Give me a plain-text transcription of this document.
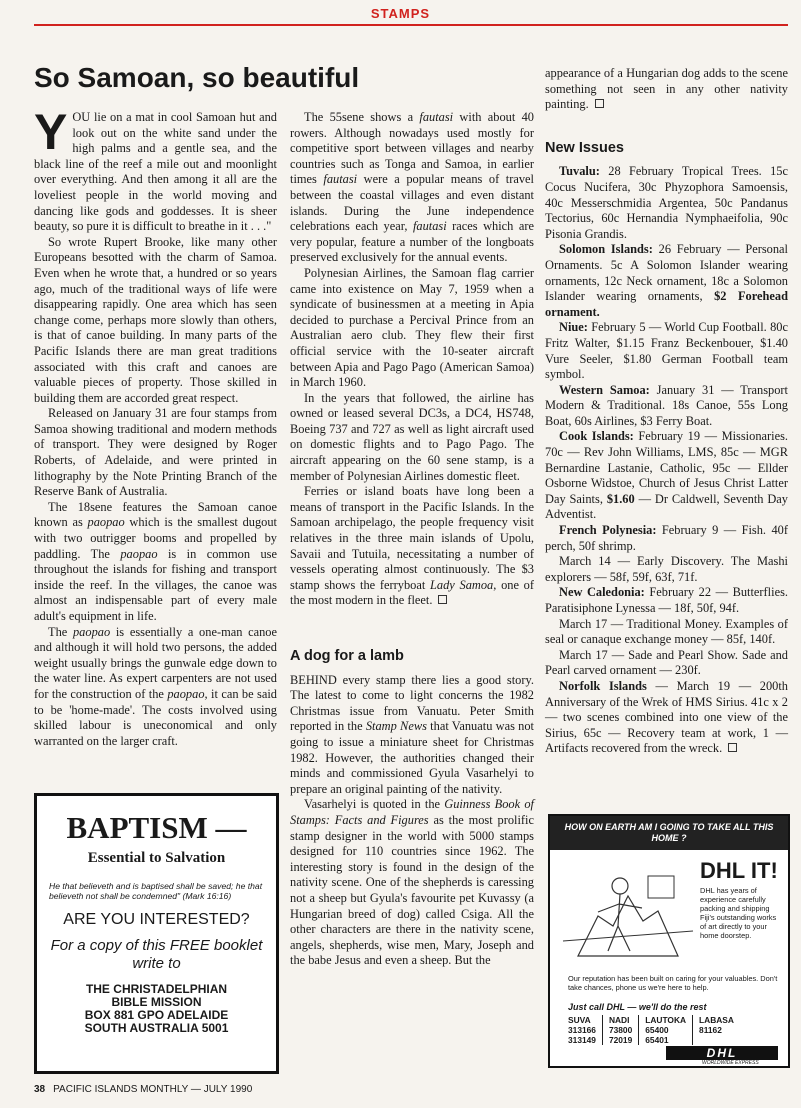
STAMPS
So Samoan, so beautiful

YOU lie on a mat in cool Samoan hut and look out on the white sand under the high palms and a gentle sea, and the black line of the reef a mile out and moonlight over everything. And then among it all are the loveliest people in the world moving and dancing like gods and goddesses. It is sheer beauty, so pure it is difficult to breathe in it . . ."

So wrote Rupert Brooke, like many other Europeans besotted with the charm of Samoa. Even when he wrote that, a hundred or so years ago, much of the traditional ways of life were disappearing rapidly. One area which has seen change come, perhaps more slowly than others, is that of canoe building. In many parts of the Pacific Islands there are man great traditions associated with this craft and canoes are valuable pieces of property. Those skilled in building them are accorded great respect.

Released on January 31 are four stamps from Samoa showing traditional and modern methods of transport. They were designed by Roger Roberts, of Adelaide, and were printed in lithography by the Note Printing Branch of the Reserve Bank of Australia.

The 18sene features the Samoan canoe known as paopao which is the smallest dugout with two outrigger booms and propelled by paddling. The paopao is in common use throughout the islands for fishing and transport inside the reef. In the villages, the canoe was almost an indispensable part of every male adult's equipment in life.

The paopao is essentially a one-man canoe and although it will hold two persons, the added weight usually brings the gunwale edge down to the water line. As expert carpenters are not used for the construction of the paopao, it can be said to be 'home-made'. The costs involved using skilled labour is uneconomical and only warranted on the larger craft.

The 55sene shows a fautasi with about 40 rowers. Although nowadays used mostly for competitive sport between villages and nearby countries such as Tonga and Samoa, in earlier times fautasi were a popular means of travel between the coastal villages and even distant islands. During the June independence celebrations each year, fautasi races which are very popular, feature a number of the longboats preserved exclusively for the annual events.

Polynesian Airlines, the Samoan flag carrier came into existence on May 7, 1959 when a syndicate of businessmen at a meeting in Apia decided to purchase a Percival Prince from an Australian aero club. They flew their first official service with the 10-seater aircraft between Apia and Pago Pago (American Samoa) in March 1960.

In the years that followed, the airline has owned or leased several DC3s, a DC4, HS748, Boeing 737 and 727 as well as light aircraft used on domestic flights and to Pago Pago. The aircraft appearing on the 60 sene stamp, is a member of Polynesian Airlines domestic fleet.

Ferries or island boats have long been a means of transport in the Pacific Islands. In the Samoan archipelago, the people frequency visit relatives in the three main islands of Upolu, Savaii and Tutuila, necessitating a number of vessels operating almost continuously. The $3 stamp shows the ferryboat Lady Samoa, one of the most modern in the fleet.

A dog for a lamb

BEHIND every stamp there lies a good story. The latest to come to light concerns the 1982 Christmas issue from Vanuatu. Peter Smith reported in the Stamp News that Vanuatu was not going to issue a miniature sheet for Christmas 1982. However, the authorities changed their minds and commissioned Gyula Vasarhelyi to prepare an original painting of the nativity.

Vasarhelyi is quoted in the Guinness Book of Stamps: Facts and Figures as the most prolific stamp designer in the world with 5000 stamps designed for 110 countries since 1962. The interesting story is found in the design of the nativity scene. One of the shepherds is caressing not a sheep but Gyula's favourite pet Kuvassy (a Hungarian breed of dog) called Csiga. All the other characters are there in the nativity scene, angels, shepherds, wise men, Mary, Joseph and the babe Jesus and even a sheep. But the

appearance of a Hungarian dog adds to the scene something not seen in any other nativity painting.

New Issues

Tuvalu: 28 February Tropical Trees. 15c Cocus Nucifera, 30c Phyzophora Samoensis, 40c Messerschmidia Argentea, 50c Pandanus Tectorius, 60c Hernandia Nymphaeifolia, 90c Pisonia Grandis.

Solomon Islands: 26 February — Personal Ornaments. 5c A Solomon Islander wearing ornaments, 12c Neck ornament, 18c a Solomon Islander wearing ornaments, $2 Forehead ornament.

Niue: February 5 — World Cup Football. 80c Fritz Walter, $1.15 Franz Beckenbouer, $1.40 Vure Seeler, $1.80 German Football team symbol.

Western Samoa: January 31 — Transport Modern & Traditional. 18s Canoe, 55s Long Boat, 60s Airlines, $3 Ferry Boat.

Cook Islands: February 19 — Missionaries. 70c — Rev John Williams, LMS, 85c — MGR Bernardine Lastanie, Catholic, 95c — Ellder Osborne Widstoe, Church of Jesus Christ Latter Day Saints, $1.60 — Dr Caldwell, Seventh Day Adventist.

French Polynesia: February 9 — Fish. 40f perch, 50f shrimp.

March 14 — Early Discovery. The Mashi explorers — 58f, 59f, 63f, 71f.

New Caledonia: February 22 — Butterflies. Paratisiphone Lynessa — 18f, 50f, 94f.

March 17 — Traditional Money. Examples of seal or canaque exchange money — 85f, 140f.

March 17 — Sade and Pearl Show. Sade and Pearl carved ornament — 230f.

Norfolk Islands — March 19 — 200th Anniversary of the Wrek of HMS Sirius. 41c x 2 — two scenes combined into one view of the Sirius, 65c — Recovery team at work, 1 — Artifacts recovered from the wreck.

BAPTISM —
Essential to Salvation
He that believeth and is baptised shall be saved; he that believeth not shall be condemned" (Mark 16:16)
ARE YOU INTERESTED?
For a copy of this FREE booklet write to
THE CHRISTADELPHIAN
BIBLE MISSION
BOX 881 GPO ADELAIDE
SOUTH AUSTRALIA 5001
HOW ON EARTH AM I GOING TO TAKE ALL THIS HOME ?
DHL IT!
DHL has years of experience carefully packing and shipping Fiji's outstanding works of art directly to your home doorstep.
Our reputation has been built on caring for your valuables. Don't take chances, phone us we're here to help.
Just call DHL — we'll do the rest
SUVA
313166
313149
NADI
73800
72019
LAUTOKA
65400
65401
LABASA
81162
DHL
WORLDWIDE EXPRESS
38 PACIFIC ISLANDS MONTHLY — JULY 1990
